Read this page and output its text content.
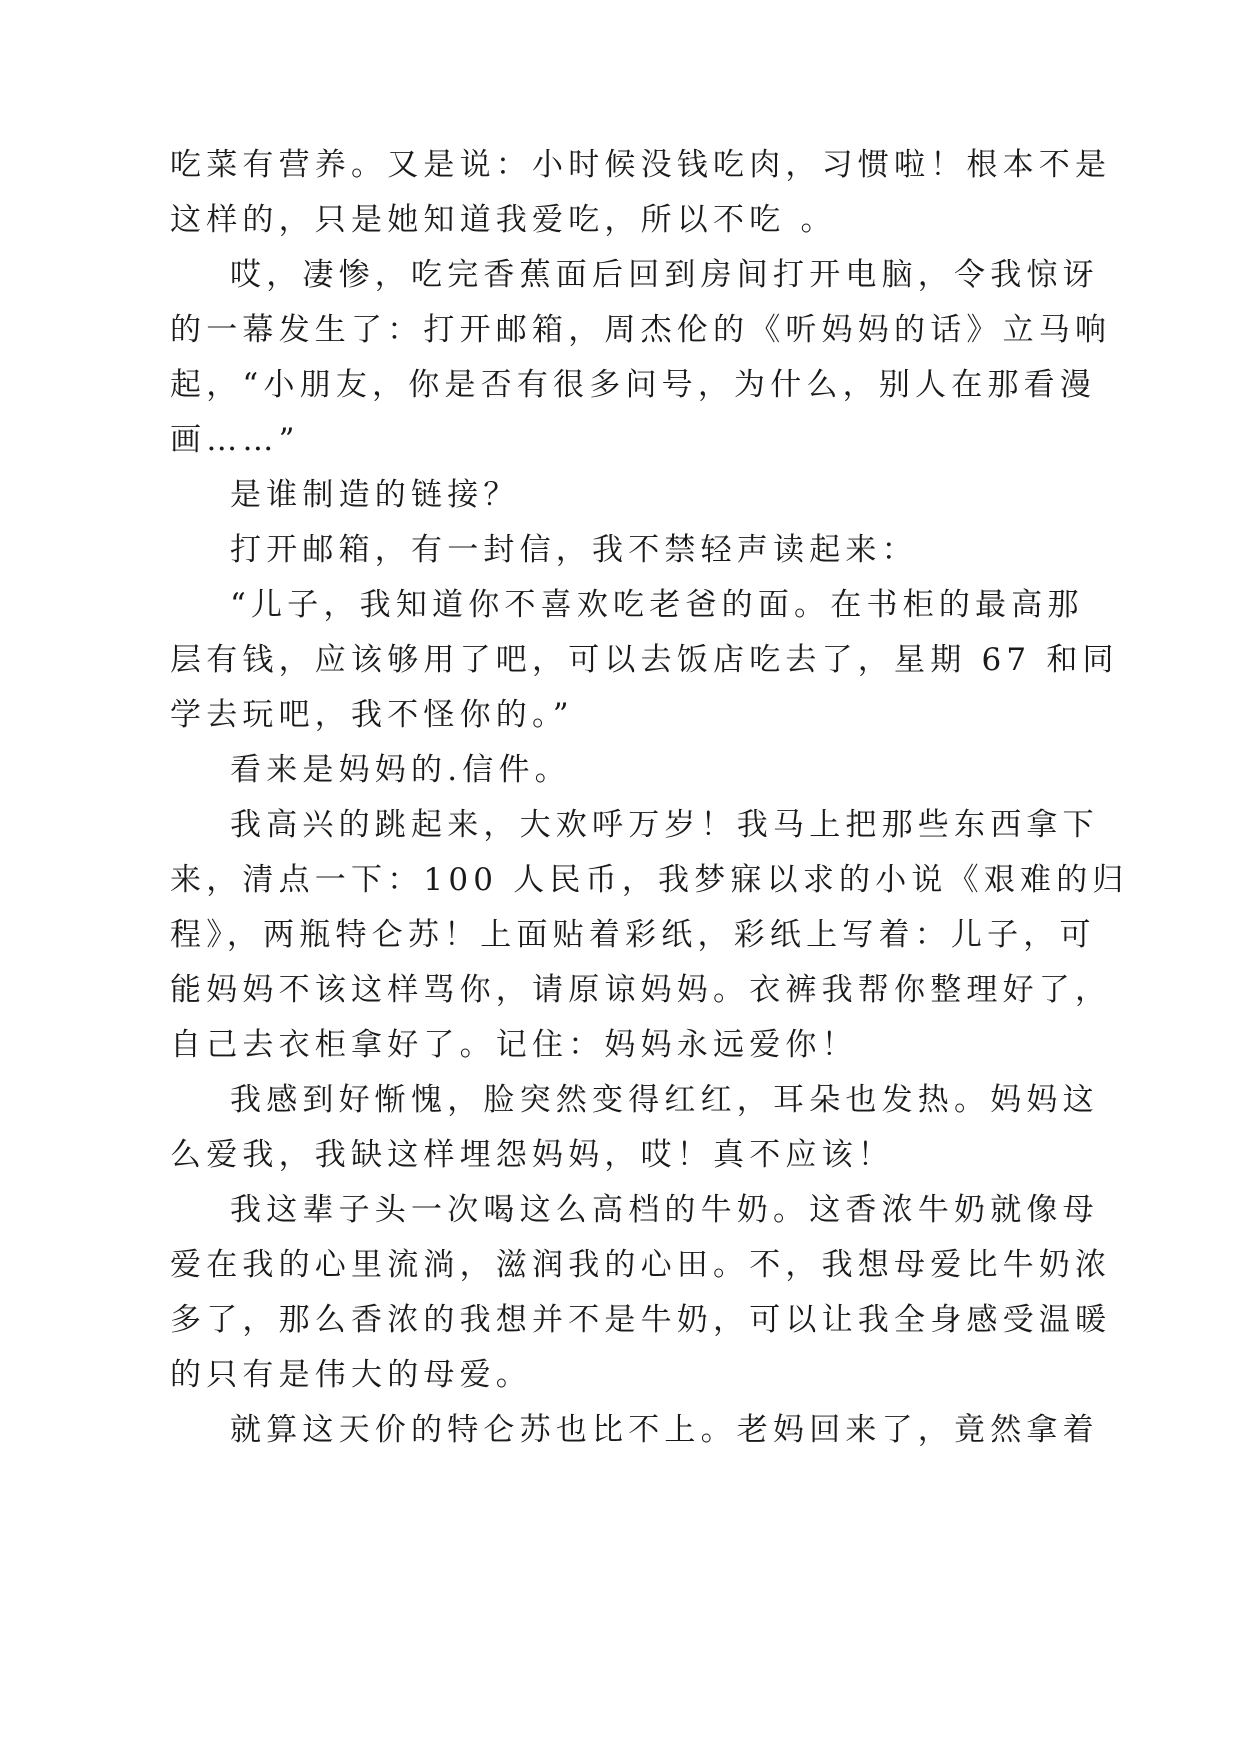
吃菜有营养。又是说：小时候没钱吃肉，习惯啦！根本不是

这样的，只是她知道我爱吃，所以不吃 。

哎，凄惨，吃完香蕉面后回到房间打开电脑，令我惊讶

的一幕发生了：打开邮箱，周杰伦的《听妈妈的话》立马响

起，“小朋友，你是否有很多问号，为什么，别人在那看漫

画……”

是谁制造的链接？

打开邮箱，有一封信，我不禁轻声读起来：

“儿子，我知道你不喜欢吃老爸的面。在书柜的最高那

层有钱，应该够用了吧，可以去饭店吃去了，星期 67 和同

学去玩吧，我不怪你的。”

看来是妈妈的.信件。

我高兴的跳起来，大欢呼万岁！我马上把那些东西拿下

来，清点一下：100 人民币，我梦寐以求的小说《艰难的归

程》，两瓶特仑苏！上面贴着彩纸，彩纸上写着：儿子，可

能妈妈不该这样骂你，请原谅妈妈。衣裤我帮你整理好了，

自己去衣柜拿好了。记住：妈妈永远爱你！

我感到好惭愧，脸突然变得红红，耳朵也发热。妈妈这

么爱我，我缺这样埋怨妈妈，哎！真不应该！

我这辈子头一次喝这么高档的牛奶。这香浓牛奶就像母

爱在我的心里流淌，滋润我的心田。不，我想母爱比牛奶浓

多了，那么香浓的我想并不是牛奶，可以让我全身感受温暖

的只有是伟大的母爱。

就算这天价的特仑苏也比不上。老妈回来了，竟然拿着
